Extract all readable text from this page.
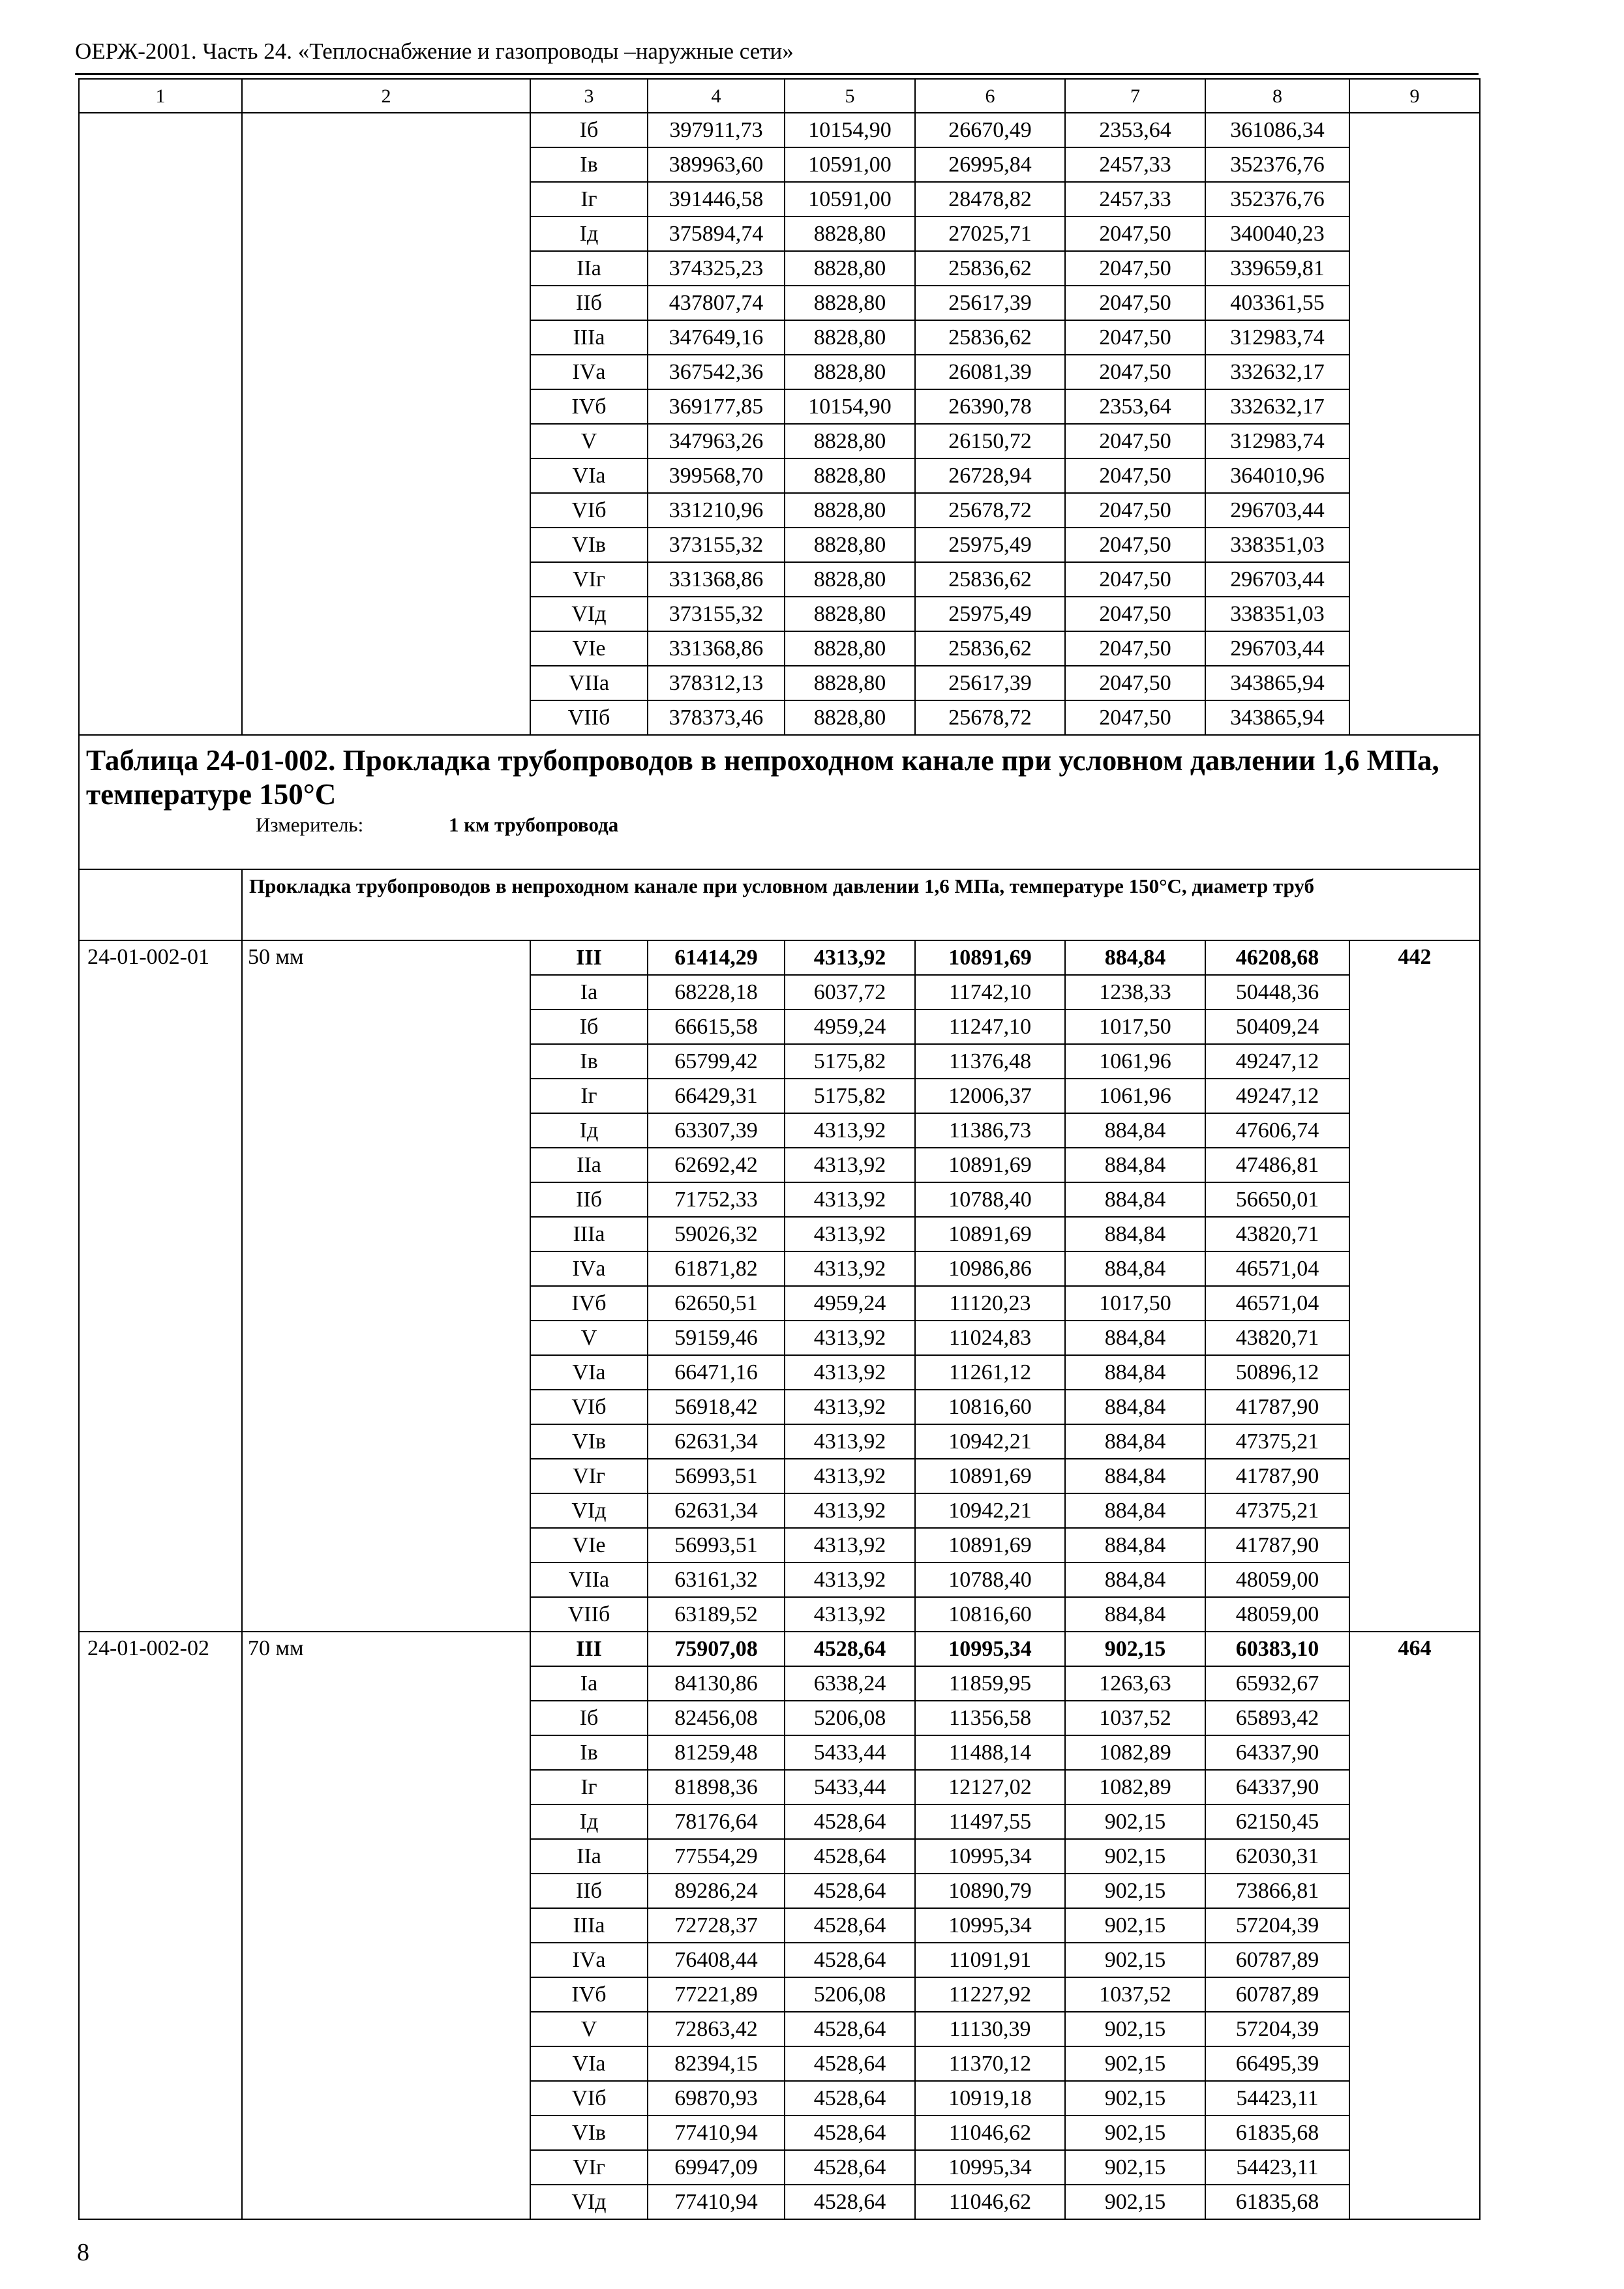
ОЕРЖ-2001. Часть 24. «Теплоснабжение и газопроводы –наружные сети»
1	2	3	4	5	6	7	8	9
		Iб	397911,73	10154,90	26670,49	2353,64	361086,34	
		Iв	389963,60	10591,00	26995,84	2457,33	352376,76	
		Iг	391446,58	10591,00	28478,82	2457,33	352376,76	
		Iд	375894,74	8828,80	27025,71	2047,50	340040,23	
		IIа	374325,23	8828,80	25836,62	2047,50	339659,81	
		IIб	437807,74	8828,80	25617,39	2047,50	403361,55	
		IIIа	347649,16	8828,80	25836,62	2047,50	312983,74	
		IVа	367542,36	8828,80	26081,39	2047,50	332632,17	
		IVб	369177,85	10154,90	26390,78	2353,64	332632,17	
		V	347963,26	8828,80	26150,72	2047,50	312983,74	
		VIа	399568,70	8828,80	26728,94	2047,50	364010,96	
		VIб	331210,96	8828,80	25678,72	2047,50	296703,44	
		VIв	373155,32	8828,80	25975,49	2047,50	338351,03	
		VIг	331368,86	8828,80	25836,62	2047,50	296703,44	
		VIд	373155,32	8828,80	25975,49	2047,50	338351,03	
		VIе	331368,86	8828,80	25836,62	2047,50	296703,44	
		VIIа	378312,13	8828,80	25617,39	2047,50	343865,94	
		VIIб	378373,46	8828,80	25678,72	2047,50	343865,94	

Таблица 24-01-002. Прокладка трубопроводов в непроходном канале при условном давлении 1,6 МПа, температуре 150°С
Измеритель: 1 км трубопровода								

	Прокладка трубопроводов в непроходном канале при условном давлении 1,6 МПа, температуре 150°С, диаметр труб							
24-01-002-01	50 мм	III	61414,29	4313,92	10891,69	884,84	46208,68	442
		Iа	68228,18	6037,72	11742,10	1238,33	50448,36	
		Iб	66615,58	4959,24	11247,10	1017,50	50409,24	
		Iв	65799,42	5175,82	11376,48	1061,96	49247,12	
		Iг	66429,31	5175,82	12006,37	1061,96	49247,12	
		Iд	63307,39	4313,92	11386,73	884,84	47606,74	
		IIа	62692,42	4313,92	10891,69	884,84	47486,81	
		IIб	71752,33	4313,92	10788,40	884,84	56650,01	
		IIIа	59026,32	4313,92	10891,69	884,84	43820,71	
		IVа	61871,82	4313,92	10986,86	884,84	46571,04	
		IVб	62650,51	4959,24	11120,23	1017,50	46571,04	
		V	59159,46	4313,92	11024,83	884,84	43820,71	
		VIа	66471,16	4313,92	11261,12	884,84	50896,12	
		VIб	56918,42	4313,92	10816,60	884,84	41787,90	
		VIв	62631,34	4313,92	10942,21	884,84	47375,21	
		VIг	56993,51	4313,92	10891,69	884,84	41787,90	
		VIд	62631,34	4313,92	10942,21	884,84	47375,21	
		VIе	56993,51	4313,92	10891,69	884,84	41787,90	
		VIIа	63161,32	4313,92	10788,40	884,84	48059,00	
		VIIб	63189,52	4313,92	10816,60	884,84	48059,00	
24-01-002-02	70 мм	III	75907,08	4528,64	10995,34	902,15	60383,10	464
		Iа	84130,86	6338,24	11859,95	1263,63	65932,67	
		Iб	82456,08	5206,08	11356,58	1037,52	65893,42	
		Iв	81259,48	5433,44	11488,14	1082,89	64337,90	
		Iг	81898,36	5433,44	12127,02	1082,89	64337,90	
		Iд	78176,64	4528,64	11497,55	902,15	62150,45	
		IIа	77554,29	4528,64	10995,34	902,15	62030,31	
		IIб	89286,24	4528,64	10890,79	902,15	73866,81	
		IIIа	72728,37	4528,64	10995,34	902,15	57204,39	
		IVа	76408,44	4528,64	11091,91	902,15	60787,89	
		IVб	77221,89	5206,08	11227,92	1037,52	60787,89	
		V	72863,42	4528,64	11130,39	902,15	57204,39	
		VIа	82394,15	4528,64	11370,12	902,15	66495,39	
		VIб	69870,93	4528,64	10919,18	902,15	54423,11	
		VIв	77410,94	4528,64	11046,62	902,15	61835,68	
		VIг	69947,09	4528,64	10995,34	902,15	54423,11	
		VIд	77410,94	4528,64	11046,62	902,15	61835,68	
8
